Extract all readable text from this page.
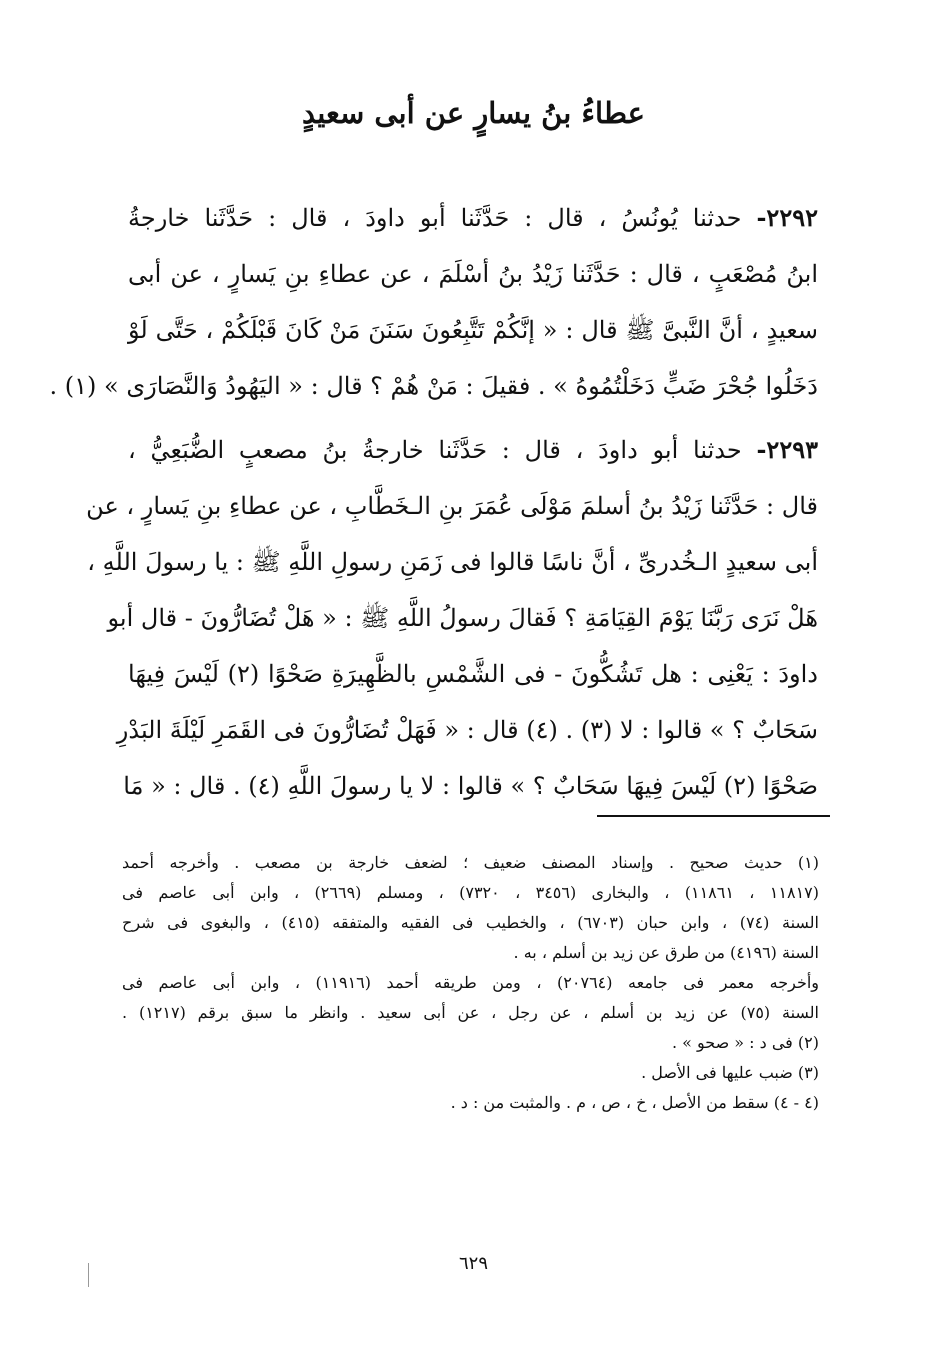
عطاءُ بنُ يسارٍ عن أبى سعيدٍ
٢٢٩٢- حدثنا يُونُسُ ، قال : حَدَّثَنا أبو داودَ ، قال : حَدَّثَنا خارجةُ
ابنُ مُصْعَبٍ ، قال : حَدَّثَنا زَيْدُ بنُ أسْلَمَ ، عن عطاءِ بنِ يَسارٍ ، عن أبى
سعيدٍ ، أنَّ النَّبىَّ ﷺ قال : « إنَّكُمْ تَتَّبِعُونَ سَنَنَ مَنْ كَانَ قَبْلَكُمْ ، حَتَّى لَوْ
دَخَلُوا جُحْرَ ضَبٍّ دَخَلْتُمُوهُ » . فقيلَ : مَنْ هُمْ ؟ قال : « اليَهُودُ وَالنَّصَارَى » (١) .
٢٢٩٣- حدثنا أبو داودَ ، قال : حَدَّثَنا خارجةُ بنُ مصعبٍ الضُّبَعِيُّ ،
قال : حَدَّثَنا زَيْدُ بنُ أسلمَ مَوْلَى عُمَرَ بنِ الـخَطَّابِ ، عن عطاءِ بنِ يَسارٍ ، عن
أبى سعيدٍ الـخُدرىِّ ، أنَّ ناسًا قالوا فى زَمَنِ رسولِ اللَّهِ ﷺ : يا رسولَ اللَّهِ ،
هَلْ نَرَى رَبَّنَا يَوْمَ القِيَامَةِ ؟ فَقالَ رسولُ اللَّهِ ﷺ : « هَلْ تُضَارُّونَ - قال أبو
داودَ : يَعْنِى : هل تَشُكُّونَ - فى الشَّمْسِ بالظَّهِيرَةِ صَحْوًا (٢) لَيْسَ فِيهَا
سَحَابٌ ؟ » قالوا : لا (٣) . (٤) قال : « فَهَلْ تُضَارُّونَ فى القَمَرِ لَيْلَةَ البَدْرِ
صَحْوًا (٢) لَيْسَ فِيهَا سَحَابٌ ؟ » قالوا : لا يا رسولَ اللَّهِ (٤) . قال : « مَا
(١) حديث صحيح . وإسناد المصنف ضعيف ؛ لضعف خارجة بن مصعب . وأخرجه أحمد
(١١٨١٧ ، ١١٨٦١) ، والبخارى (٣٤٥٦ ، ٧٣٢٠) ، ومسلم (٢٦٦٩) ، وابن أبى عاصم فى
السنة (٧٤) ، وابن حبان (٦٧٠٣) ، والخطيب فى الفقيه والمتفقه (٤١٥) ، والبغوى فى شرح
السنة (٤١٩٦) من طرق عن زيد بن أسلم ، به .
وأخرجه معمر فى جامعه (٢٠٧٦٤) ، ومن طريقه أحمد (١١٩١٦) ، وابن أبى عاصم فى
السنة (٧٥) عن زيد بن أسلم ، عن رجل ، عن أبى سعيد . وانظر ما سبق برقم (١٢١٧) .
(٢) فى د : « صحو » .
(٣) ضبب عليها فى الأصل .
(٤ - ٤) سقط من الأصل ، خ ، ص ، م . والمثبت من : د .
٦٢٩
